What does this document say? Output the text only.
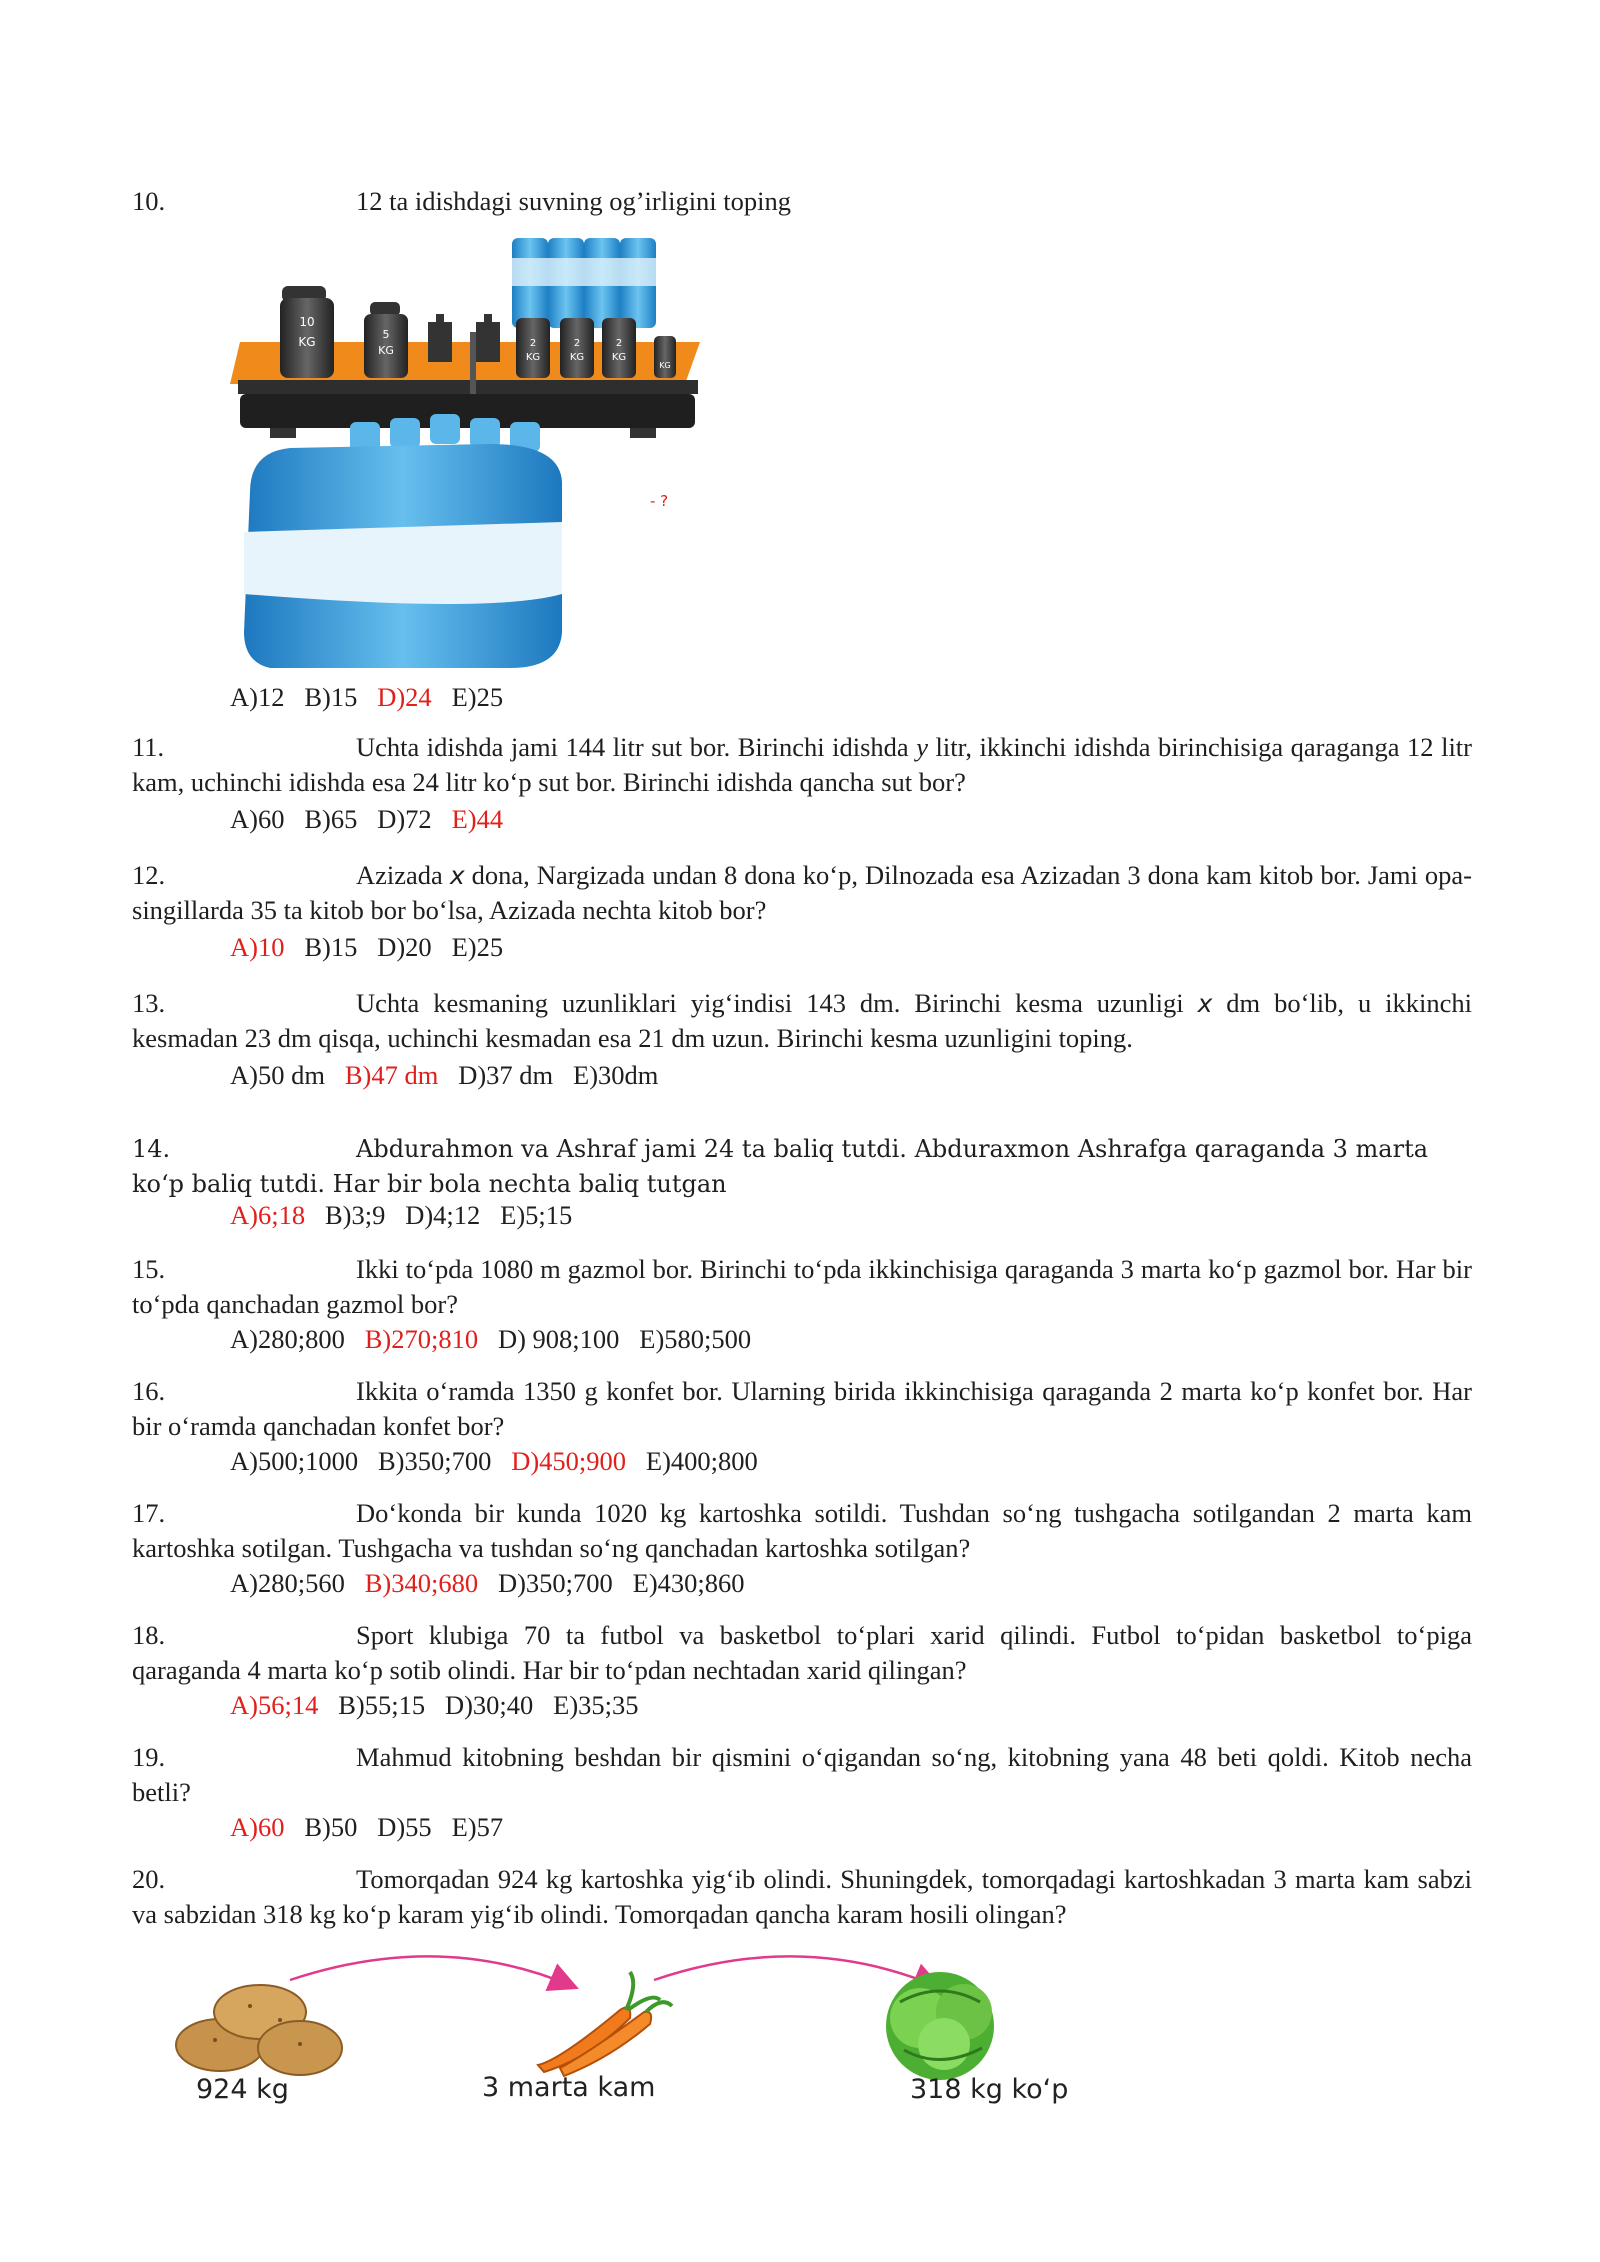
10.	12 ta idishdagi suvning og’irligini toping
10
KG
5
KG
2
KG
2
KG
2
KG
KG
- ?
A)12 B)15 D)24 E)25
11.	Uchta idishda jami 144 litr sut bor. Birinchi idishda y litr, ikkinchi idishda birinchisiga qaraganga 12 litr kam, uchinchi idishda esa 24 litr ko‘p sut bor. Birinchi idishda qancha sut bor?
A)60 B)65 D)72 E)44
12.	Azizada x dona, Nargizada undan 8 dona ko‘p, Dilnozada esa Azizadan 3 dona kam kitob bor. Jami opa-singillarda 35 ta kitob bor bo‘lsa, Azizada nechta kitob bor?
A)10 B)15 D)20 E)25
13.	Uchta kesmaning uzunliklari yig‘indisi 143 dm. Birinchi kesma uzunligi x dm bo‘lib, u ikkinchi kesmadan 23 dm qisqa, uchinchi kesmadan esa 21 dm uzun. Birinchi kesma uzunligini toping.
A)50 dm B)47 dm D)37 dm E)30dm
14.	Abdurahmon va Ashraf jami 24 ta baliq tutdi. Abduraxmon Ashrafga qaraganda 3 marta ko‘p baliq tutdi. Har bir bola nechta baliq tutgan
A)6;18 B)3;9 D)4;12 E)5;15
15.	Ikki to‘pda 1080 m gazmol bor. Birinchi to‘pda ikkinchisiga qaraganda 3 marta ko‘p gazmol bor. Har bir to‘pda qanchadan gazmol bor?
A)280;800 B)270;810 D) 908;100 E)580;500
16.	Ikkita o‘ramda 1350 g konfet bor. Ularning birida ikkinchisiga qaraganda 2 marta ko‘p konfet bor. Har bir o‘ramda qanchadan konfet bor?
A)500;1000 B)350;700 D)450;900 E)400;800
17.	Do‘konda bir kunda 1020 kg kartoshka sotildi. Tushdan so‘ng tushgacha sotilgandan 2 marta kam kartoshka sotilgan. Tushgacha va tushdan so‘ng qanchadan kartoshka sotilgan?
A)280;560 B)340;680 D)350;700 E)430;860
18.	Sport klubiga 70 ta futbol va basketbol to‘plari xarid qilindi. Futbol to‘pidan basketbol to‘piga qaraganda 4 marta ko‘p sotib olindi. Har bir to‘pdan nechtadan xarid qilingan?
A)56;14 B)55;15 D)30;40 E)35;35
19.	Mahmud kitobning beshdan bir qismini o‘qigandan so‘ng, kitobning yana 48 beti qoldi. Kitob necha betli?
A)60 B)50 D)55 E)57
20.	Tomorqadan 924 kg kartoshka yig‘ib olindi. Shuningdek, tomorqadagi kartoshkadan 3 marta kam sabzi va sabzidan 318 kg ko‘p karam yig‘ib olindi. Tomorqadan qancha karam hosili olingan?
924 kg	3 marta kam	318 kg ko‘p
